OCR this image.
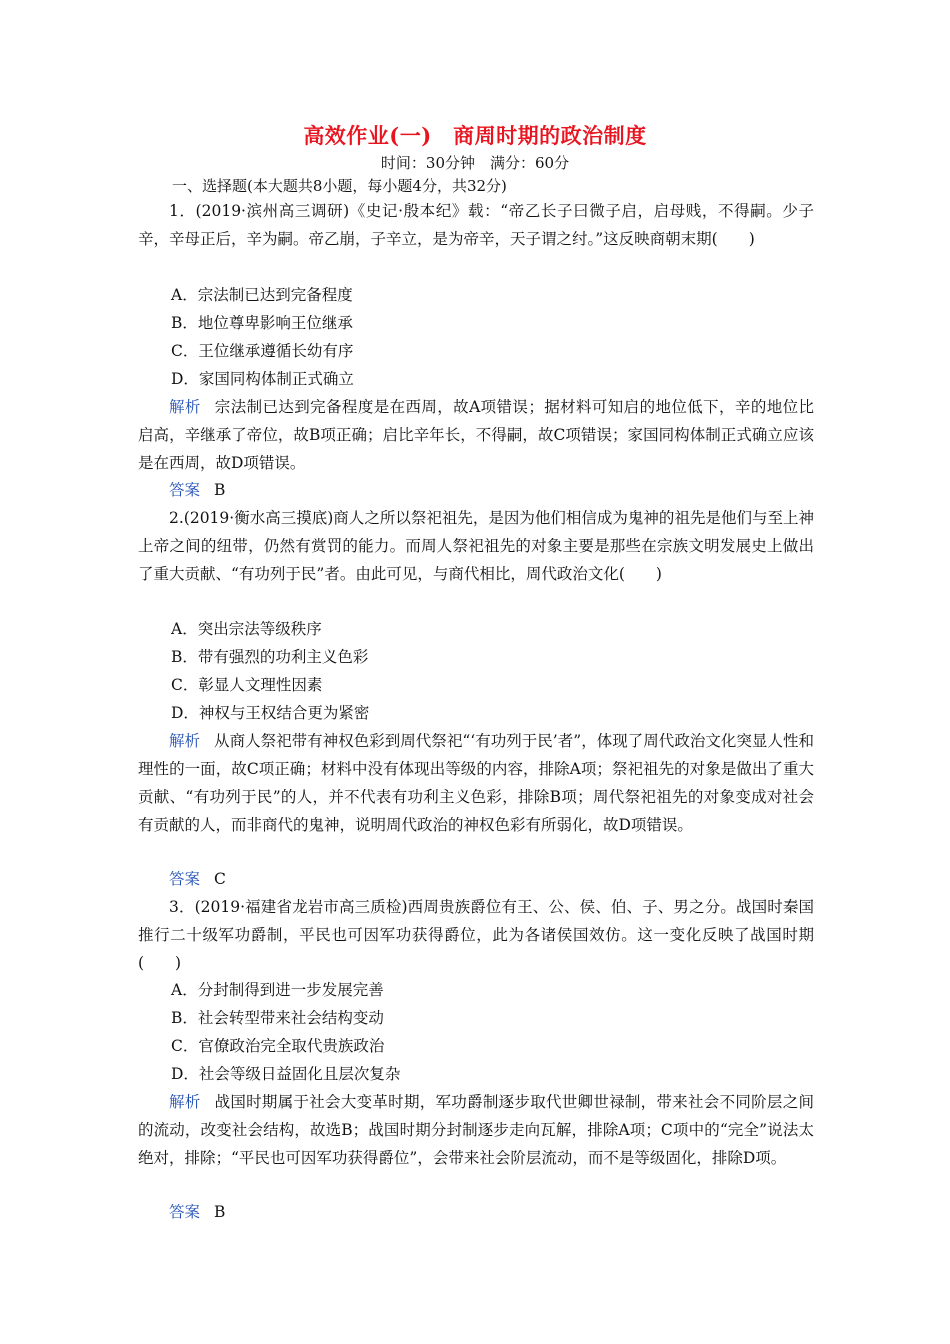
高效作业(一)　商周时期的政治制度
时间：30分钟　满分：60分
一、选择题(本大题共8小题，每小题4分，共32分)

1．(2019·滨州高三调研)《史记·殷本纪》载：“帝乙长子曰微子启，启母贱，不得嗣。少子辛，辛母正后，辛为嗣。帝乙崩，子辛立，是为帝辛，天子谓之纣。”这反映商朝末期(　　)

A．宗法制已达到完备程度
B．地位尊卑影响王位继承
C．王位继承遵循长幼有序
D．家国同构体制正式确立

解析 宗法制已达到完备程度是在西周，故A项错误；据材料可知启的地位低下，辛的地位比启高，辛继承了帝位，故B项正确；启比辛年长，不得嗣，故C项错误；家国同构体制正式确立应该是在西周，故D项错误。

答案 B

2.(2019·衡水高三摸底)商人之所以祭祀祖先，是因为他们相信成为鬼神的祖先是他们与至上神上帝之间的纽带，仍然有赏罚的能力。而周人祭祀祖先的对象主要是那些在宗族文明发展史上做出了重大贡献、“有功列于民”者。由此可见，与商代相比，周代政治文化(　　)

A．突出宗法等级秩序
B．带有强烈的功利主义色彩
C．彰显人文理性因素
D．神权与王权结合更为紧密

解析 从商人祭祀带有神权色彩到周代祭祀“‘有功列于民’者”，体现了周代政治文化突显人性和理性的一面，故C项正确；材料中没有体现出等级的内容，排除A项；祭祀祖先的对象是做出了重大贡献、“有功列于民”的人，并不代表有功利主义色彩，排除B项；周代祭祀祖先的对象变成对社会有贡献的人，而非商代的鬼神，说明周代政治的神权色彩有所弱化，故D项错误。

答案 C

3．(2019·福建省龙岩市高三质检)西周贵族爵位有王、公、侯、伯、子、男之分。战国时秦国推行二十级军功爵制，平民也可因军功获得爵位，此为各诸侯国效仿。这一变化反映了战国时期(　　)

A．分封制得到进一步发展完善
B．社会转型带来社会结构变动
C．官僚政治完全取代贵族政治
D．社会等级日益固化且层次复杂

解析 战国时期属于社会大变革时期，军功爵制逐步取代世卿世禄制，带来社会不同阶层之间的流动，改变社会结构，故选B；战国时期分封制逐步走向瓦解，排除A项；C项中的“完全”说法太绝对，排除；“平民也可因军功获得爵位”，会带来社会阶层流动，而不是等级固化，排除D项。

答案 B
